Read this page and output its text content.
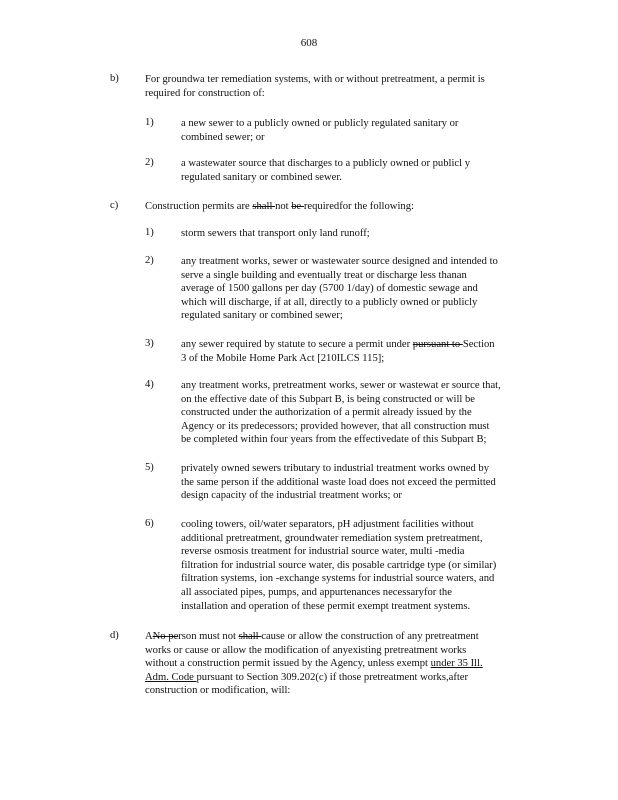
608
b) For groundwa ter remediation systems, with or without pretreatment, a permit is
required for construction of:
1)	a new sewer to a publicly owned or publicly regulated sanitary or
combined sewer; or
2)	a wastewater source that discharges to a publicly owned or publicl y
regulated sanitary or combined sewer.
c)	Construction permits are shall not be requiredfor the following:
1)	storm sewers that transport only land runoff;
2)	any treatment works, sewer or wastewater source designed and intended to
serve a single building and eventually treat or discharge less thanan
average of 1500 gallons per day (5700 1/day) of domestic sewage and
which will discharge, if at all, directly to a publicly owned or publicly
regulated sanitary or combined sewer;
3)	any sewer required by statute to secure a permit under pursuant to Section
3 of the Mobile Home Park Act [210ILCS 115];
4)	any treatment works, pretreatment works, sewer or wastewat er source that,
on the effective date of this Subpart B, is being constructed or will be
constructed under the authorization of a permit already issued by the
Agency or its predecessors; provided however, that all construction must
be completed within four years from the effectivedate of this Subpart B;
5)	privately owned sewers tributary to industrial treatment works owned by
the same person if the additional waste load does not exceed the permitted
design capacity of the industrial treatment works; or
6)	cooling towers, oil/water separators, pH adjustment facilities without
additional pretreatment, groundwater remediation system pretreatment,
reverse osmosis treatment for industrial source water, multi -media
filtration for industrial source water, dis posable cartridge type (or similar)
filtration systems, ion -exchange systems for industrial source waters, and
all associated pipes, pumps, and appurtenances necessaryfor the
installation and operation of these permit exempt treatment systems.
d) ANo person must not shall cause or allow the construction of any pretreatment
works or cause or allow the modification of anyexisting pretreatment works
without a construction permit issued by the Agency, unless exempt under 35 Ill.
Adm. Code pursuant to Section 309.202(c) if those pretreatment works,after
construction or modification, will:
